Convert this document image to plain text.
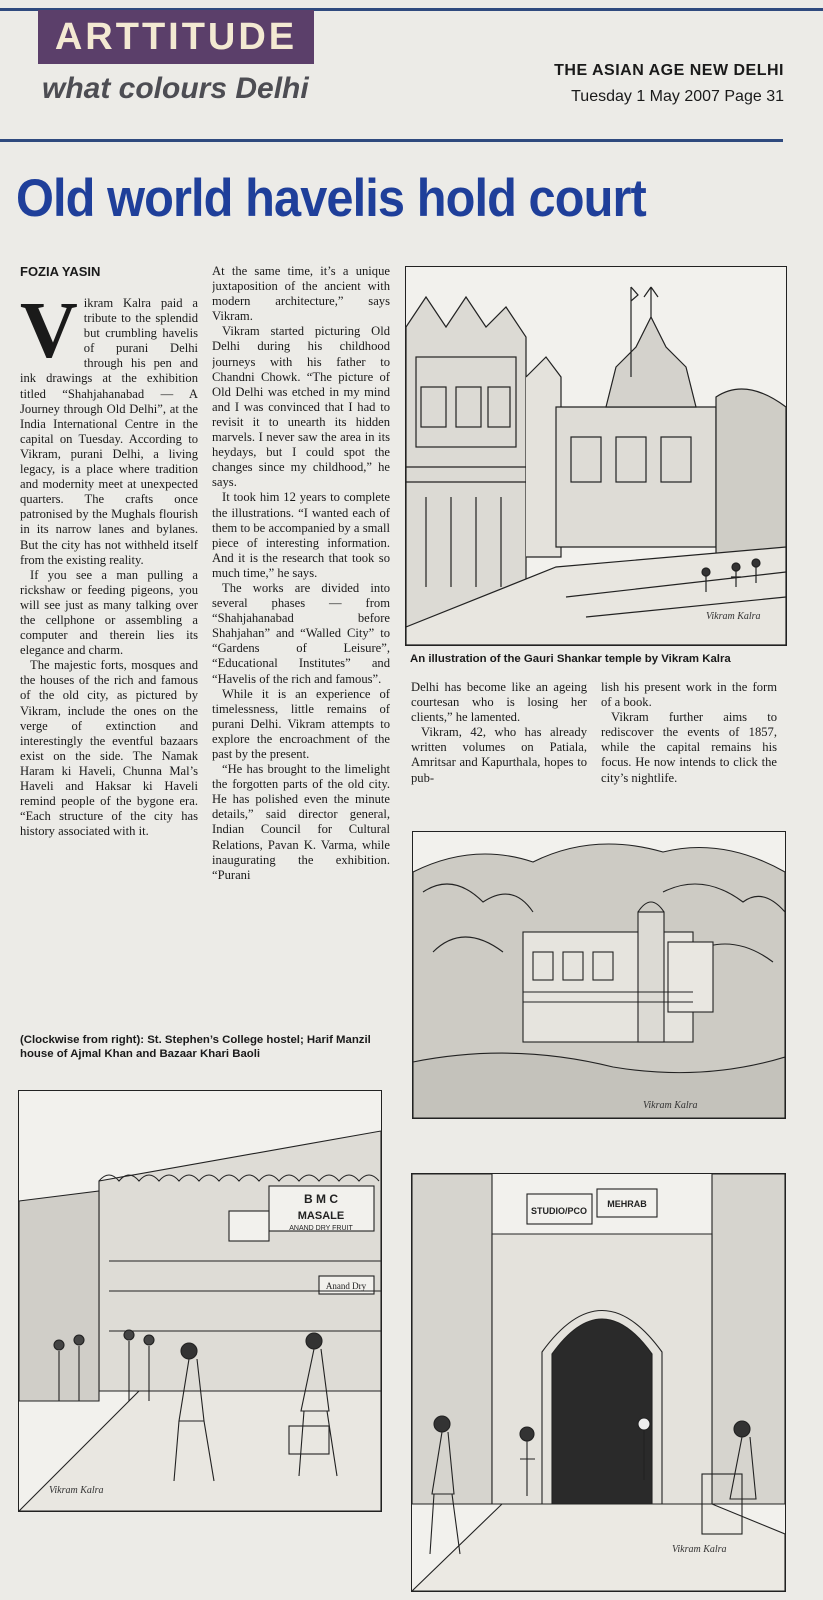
ARTTITUDE
what colours Delhi
THE ASIAN AGE NEW DELHI
Tuesday 1 May 2007 Page 31
Old world havelis hold court
FOZIA YASIN
V ikram Kalra paid a tribute to the splendid but crumbling havelis of purani Delhi through his pen and ink drawings at the exhibition titled “Shahjahanabad — A Journey through Old Delhi”, at the India International Centre in the capital on Tuesday. According to Vikram, purani Delhi, a living legacy, is a place where tradition and modernity meet at unexpected quarters. The crafts once patronised by the Mughals flourish in its narrow lanes and bylanes. But the city has not withheld itself from the existing reality.

If you see a man pulling a rickshaw or feeding pigeons, you will see just as many talking over the cellphone or assembling a computer and therein lies its elegance and charm.

The majestic forts, mosques and the houses of the rich and famous of the old city, as pictured by Vikram, include the ones on the verge of extinction and interestingly the eventful bazaars exist on the side. The Namak Haram ki Haveli, Chunna Mal’s Haveli and Haksar ki Haveli remind people of the bygone era. “Each structure of the city has history associated with it.

At the same time, it’s a unique juxtaposition of the ancient with modern architecture,” says Vikram.

Vikram started picturing Old Delhi during his childhood journeys with his father to Chandni Chowk. “The picture of Old Delhi was etched in my mind and I was convinced that I had to revisit it to unearth its hidden marvels. I never saw the area in its heydays, but I could spot the changes since my childhood,” he says.

It took him 12 years to complete the illustrations. “I wanted each of them to be accompanied by a small piece of interesting information. And it is the research that took so much time,” he says.

The works are divided into several phases — from “Shahjahanabad before Shahjahan” and “Walled City” to “Gardens of Leisure”, “Educational Institutes” and “Havelis of the rich and famous”.

While it is an experience of timelessness, little remains of purani Delhi. Vikram attempts to explore the encroachment of the past by the present.

“He has brought to the limelight the forgotten parts of the old city. He has polished even the minute details,” said director general, Indian Council for Cultural Relations, Pavan K. Varma, while inaugurating the exhibition. “Purani

Delhi has become like an ageing courtesan who is losing her clients,” he lamented.

Vikram, 42, who has already written volumes on Patiala, Amritsar and Kapurthala, hopes to pub-

lish his present work in the form of a book.

Vikram further aims to rediscover the events of 1857, while the capital remains his focus. He now intends to click the city’s nightlife.

Vikram Kalra
An illustration of the Gauri Shankar temple by Vikram Kalra
Vikram Kalra
(Clockwise from right): St. Stephen’s College hostel; Harif Manzil house of Ajmal Khan and Bazaar Khari Baoli
B M C
MASALE
ANAND DRY FRUIT
Anand Dry
Vikram Kalra
STUDIO/PCO
MEHRAB
Vikram Kalra
